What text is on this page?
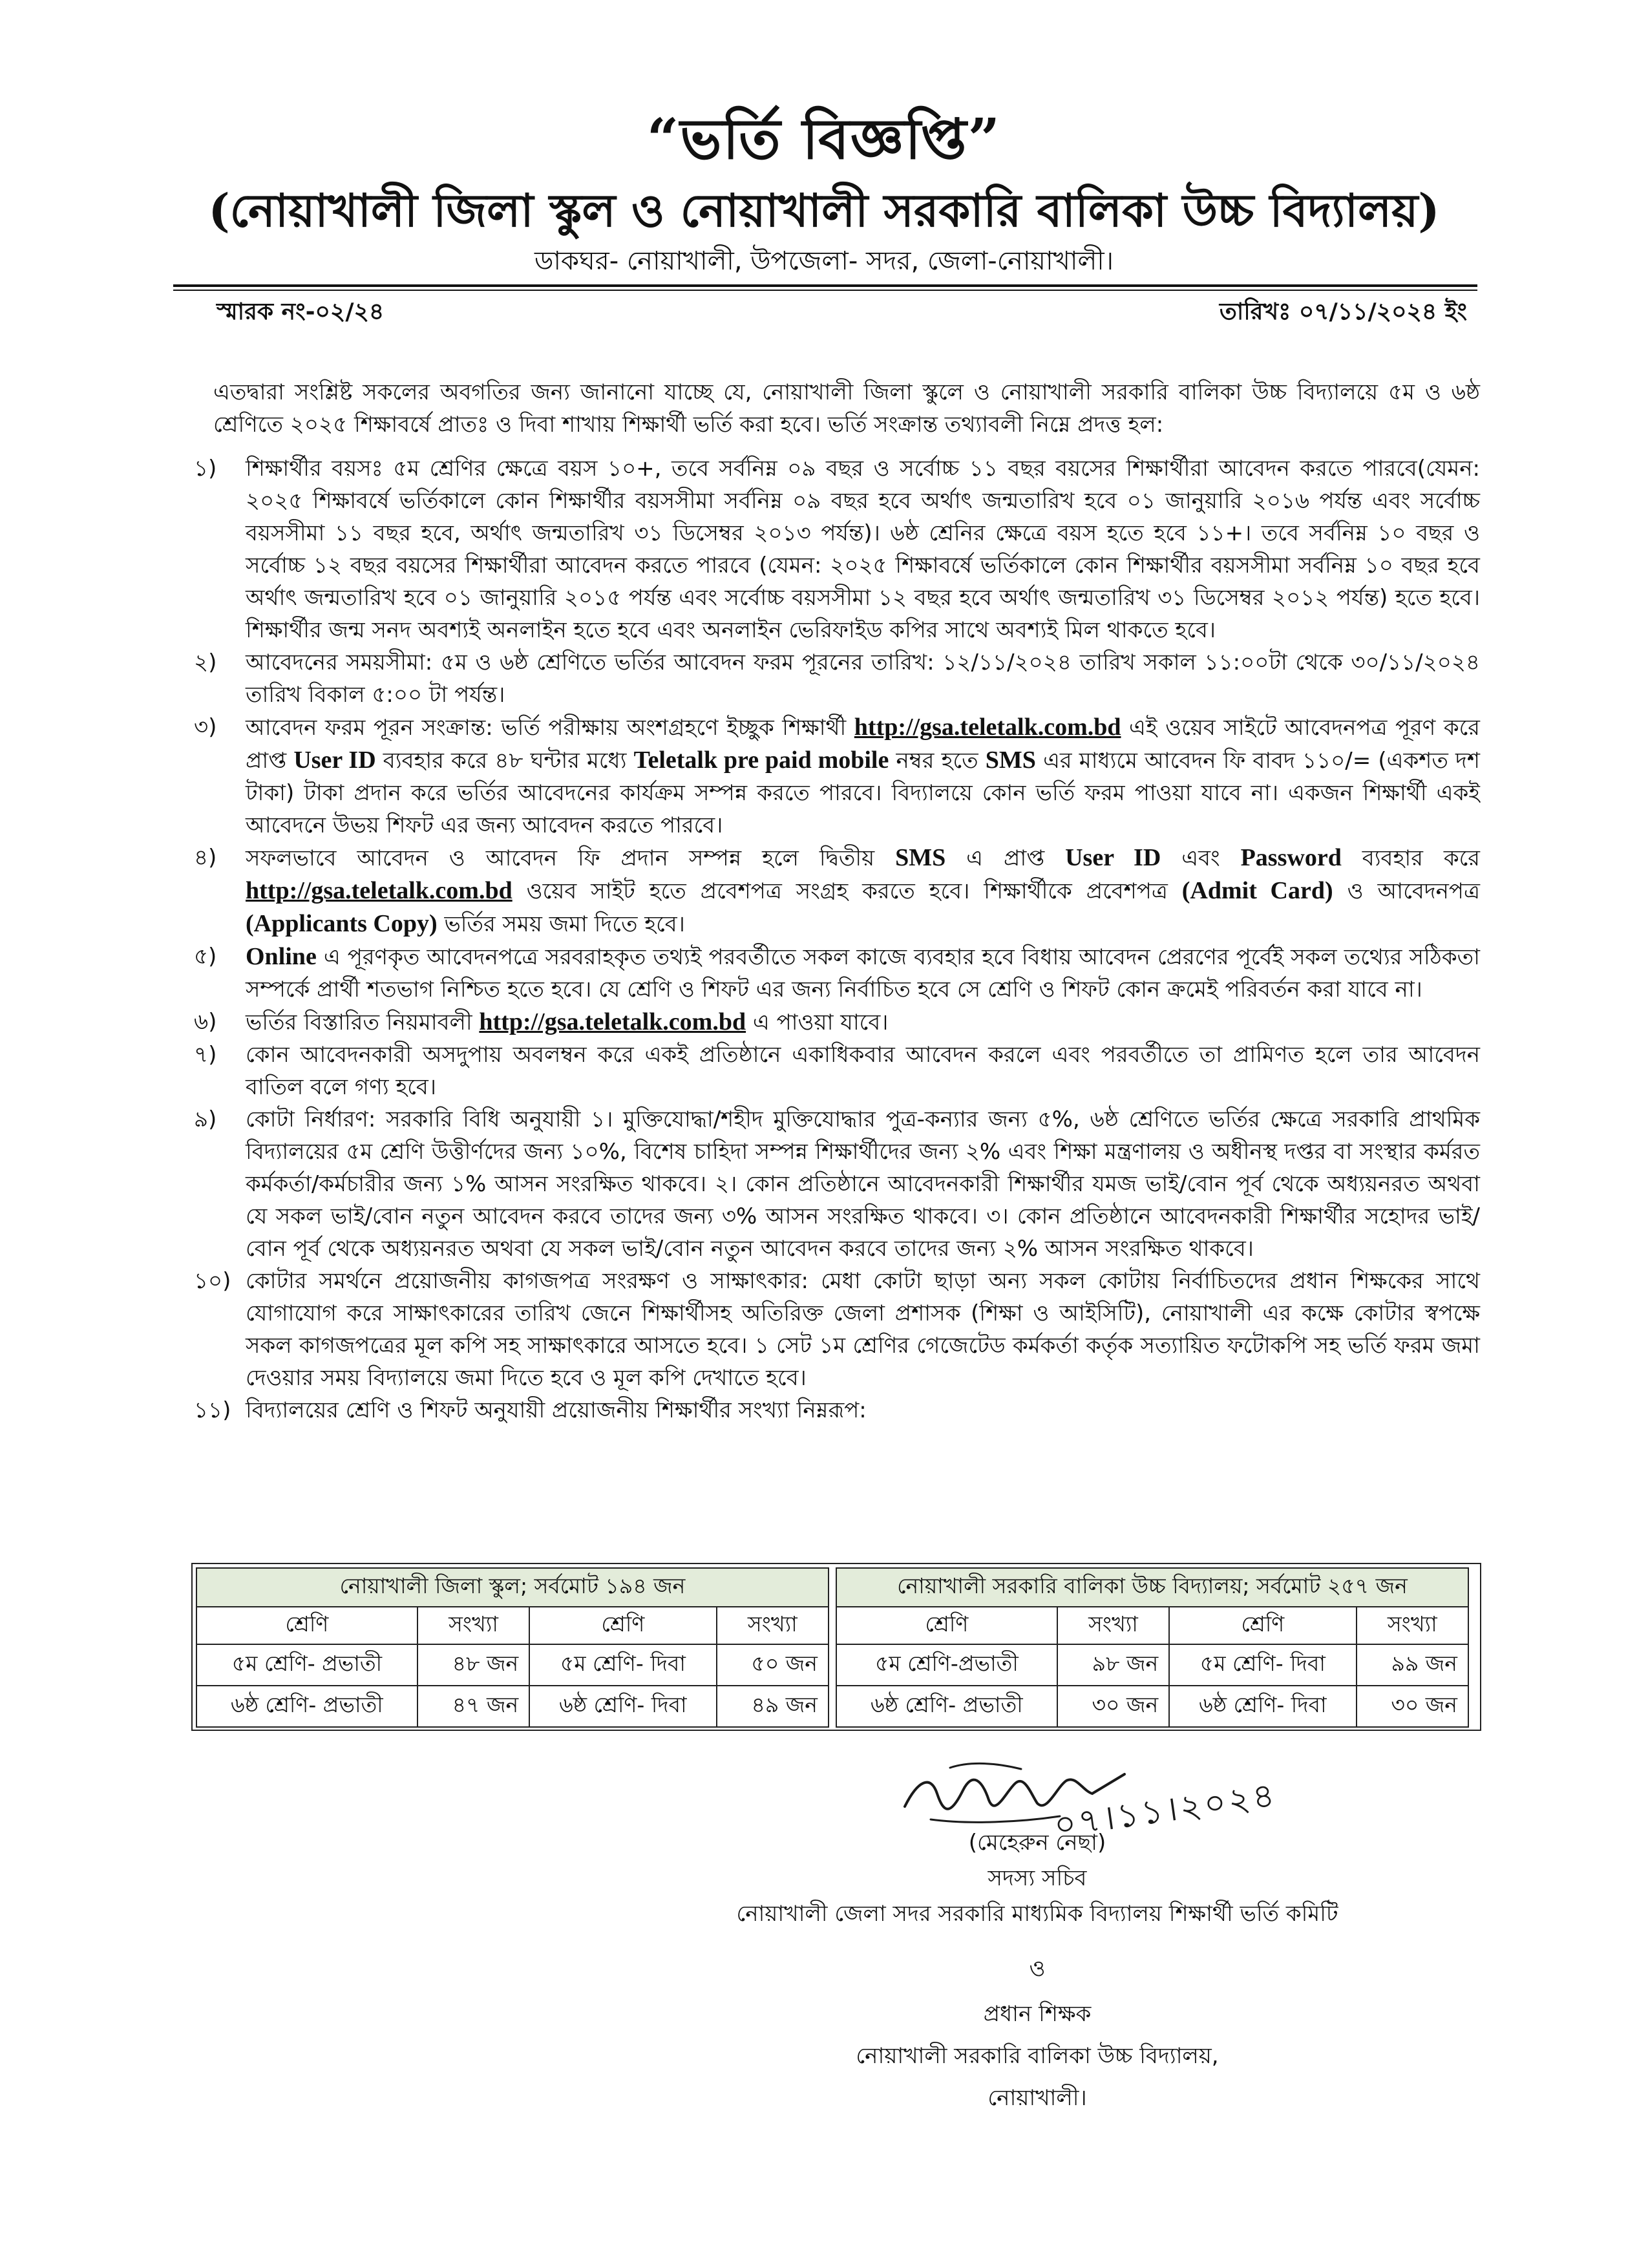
“ভর্তি বিজ্ঞপ্তি”
(নোয়াখালী জিলা স্কুল ও নোয়াখালী সরকারি বালিকা উচ্চ বিদ্যালয়)
ডাকঘর- নোয়াখালী, উপজেলা- সদর, জেলা-নোয়াখালী।
স্মারক নং-০২/২৪	তারিখঃ ০৭/১১/২০২৪ ইং

এতদ্বারা সংশ্লিষ্ট সকলের অবগতির জন্য জানানো যাচ্ছে যে, নোয়াখালী জিলা স্কুলে ও নোয়াখালী সরকারি বালিকা উচ্চ বিদ্যালয়ে ৫ম ও ৬ষ্ঠ শ্রেণিতে ২০২৫ শিক্ষাবর্ষে প্রাতঃ ও দিবা শাখায় শিক্ষার্থী ভর্তি করা হবে। ভর্তি সংক্রান্ত তথ্যাবলী নিম্নে প্রদত্ত হল:

১)	শিক্ষার্থীর বয়সঃ ৫ম শ্রেণির ক্ষেত্রে বয়স ১০+, তবে সর্বনিম্ন ০৯ বছর ও সর্বোচ্চ ১১ বছর বয়সের শিক্ষার্থীরা আবেদন করতে পারবে(যেমন: ২০২৫ শিক্ষাবর্ষে ভর্তিকালে কোন শিক্ষার্থীর বয়সসীমা সর্বনিম্ন ০৯ বছর হবে অর্থাৎ জন্মতারিখ হবে ০১ জানুয়ারি ২০১৬ পর্যন্ত এবং সর্বোচ্চ বয়সসীমা ১১ বছর হবে, অর্থাৎ জন্মতারিখ ৩১ ডিসেম্বর ২০১৩ পর্যন্ত)। ৬ষ্ঠ শ্রেনির ক্ষেত্রে বয়স হতে হবে ১১+। তবে সর্বনিম্ন ১০ বছর ও সর্বোচ্চ ১২ বছর বয়সের শিক্ষার্থীরা আবেদন করতে পারবে (যেমন: ২০২৫ শিক্ষাবর্ষে ভর্তিকালে কোন শিক্ষার্থীর বয়সসীমা সর্বনিম্ন ১০ বছর হবে অর্থাৎ জন্মতারিখ হবে ০১ জানুয়ারি ২০১৫ পর্যন্ত এবং সর্বোচ্চ বয়সসীমা ১২ বছর হবে অর্থাৎ জন্মতারিখ ৩১ ডিসেম্বর ২০১২ পর্যন্ত) হতে হবে। শিক্ষার্থীর জন্ম সনদ অবশ্যই অনলাইন হতে হবে এবং অনলাইন ভেরিফাইড কপির সাথে অবশ্যই মিল থাকতে হবে।
২)	আবেদনের সময়সীমা: ৫ম ও ৬ষ্ঠ শ্রেণিতে ভর্তির আবেদন ফরম পূরনের তারিখ: ১২/১১/২০২৪ তারিখ সকাল ১১:০০টা থেকে ৩০/১১/২০২৪ তারিখ বিকাল ৫:০০ টা পর্যন্ত।
৩)	আবেদন ফরম পূরন সংক্রান্ত: ভর্তি পরীক্ষায় অংশগ্রহণে ইচ্ছুক শিক্ষার্থী http://gsa.teletalk.com.bd এই ওয়েব সাইটে আবেদনপত্র পূরণ করে প্রাপ্ত User ID ব্যবহার করে ৪৮ ঘন্টার মধ্যে Teletalk pre paid mobile নম্বর হতে SMS এর মাধ্যমে আবেদন ফি বাবদ ১১০/= (একশত দশ টাকা) টাকা প্রদান করে ভর্তির আবেদনের কার্যক্রম সম্পন্ন করতে পারবে। বিদ্যালয়ে কোন ভর্তি ফরম পাওয়া যাবে না। একজন শিক্ষার্থী একই আবেদনে উভয় শিফট এর জন্য আবেদন করতে পারবে।
৪)	সফলভাবে আবেদন ও আবেদন ফি প্রদান সম্পন্ন হলে দ্বিতীয় SMS এ প্রাপ্ত User ID এবং Password ব্যবহার করে http://gsa.teletalk.com.bd ওয়েব সাইট হতে প্রবেশপত্র সংগ্রহ করতে হবে। শিক্ষার্থীকে প্রবেশপত্র (Admit Card) ও আবেদনপত্র (Applicants Copy) ভর্তির সময় জমা দিতে হবে।
৫)	Online এ পূরণকৃত আবেদনপত্রে সরবরাহকৃত তথ্যই পরবর্তীতে সকল কাজে ব্যবহার হবে বিধায় আবেদন প্রেরণের পূর্বেই সকল তথ্যের সঠিকতা সম্পর্কে প্রার্থী শতভাগ নিশ্চিত হতে হবে। যে শ্রেণি ও শিফট এর জন্য নির্বাচিত হবে সে শ্রেণি ও শিফট কোন ক্রমেই পরিবর্তন করা যাবে না।
৬)	ভর্তির বিস্তারিত নিয়মাবলী http://gsa.teletalk.com.bd এ পাওয়া যাবে।
৭)	কোন আবেদনকারী অসদুপায় অবলম্বন করে একই প্রতিষ্ঠানে একাধিকবার আবেদন করলে এবং পরবর্তীতে তা প্রামিণত হলে তার আবেদন বাতিল বলে গণ্য হবে।
৯)	কোটা নির্ধারণ: সরকারি বিধি অনুযায়ী ১। মুক্তিযোদ্ধা/শহীদ মুক্তিযোদ্ধার পুত্র-কন্যার জন্য ৫%, ৬ষ্ঠ শ্রেণিতে ভর্তির ক্ষেত্রে সরকারি প্রাথমিক বিদ্যালয়ের ৫ম শ্রেণি উত্তীর্ণদের জন্য ১০%, বিশেষ চাহিদা সম্পন্ন শিক্ষার্থীদের জন্য ২% এবং শিক্ষা মন্ত্রণালয় ও অধীনস্থ দপ্তর বা সংস্থার কর্মরত কর্মকর্তা/কর্মচারীর জন্য ১% আসন সংরক্ষিত থাকবে। ২। কোন প্রতিষ্ঠানে আবেদনকারী শিক্ষার্থীর যমজ ভাই/বোন পূর্ব থেকে অধ্যয়নরত অথবা যে সকল ভাই/বোন নতুন আবেদন করবে তাদের জন্য ৩% আসন সংরক্ষিত থাকবে। ৩। কোন প্রতিষ্ঠানে আবেদনকারী শিক্ষার্থীর সহোদর ভাই/বোন পূর্ব থেকে অধ্যয়নরত অথবা যে সকল ভাই/বোন নতুন আবেদন করবে তাদের জন্য ২% আসন সংরক্ষিত থাকবে।
১০) কোটার সমর্থনে প্রয়োজনীয় কাগজপত্র সংরক্ষণ ও সাক্ষাৎকার: মেধা কোটা ছাড়া অন্য সকল কোটায় নির্বাচিতদের প্রধান শিক্ষকের সাথে যোগাযোগ করে সাক্ষাৎকারের তারিখ জেনে শিক্ষার্থীসহ অতিরিক্ত জেলা প্রশাসক (শিক্ষা ও আইসিটি), নোয়াখালী এর কক্ষে কোটার স্বপক্ষে সকল কাগজপত্রের মূল কপি সহ সাক্ষাৎকারে আসতে হবে। ১ সেট ১ম শ্রেণির গেজেটেড কর্মকর্তা কর্তৃক সত্যায়িত ফটোকপি সহ ভর্তি ফরম জমা দেওয়ার সময় বিদ্যালয়ে জমা দিতে হবে ও মূল কপি দেখাতে হবে।
১১) বিদ্যালয়ের শ্রেণি ও শিফট অনুযায়ী প্রয়োজনীয় শিক্ষার্থীর সংখ্যা নিম্নরূপ:
নোয়াখালী জিলা স্কুল; সর্বমোট ১৯৪ জন			
শ্রেণি	সংখ্যা	শ্রেণি	সংখ্যা
৫ম শ্রেণি- প্রভাতী	৪৮ জন	৫ম শ্রেণি- দিবা	৫০ জন
৬ষ্ঠ শ্রেণি- প্রভাতী	৪৭ জন	৬ষ্ঠ শ্রেণি- দিবা	৪৯ জন
নোয়াখালী সরকারি বালিকা উচ্চ বিদ্যালয়; সর্বমোট ২৫৭ জন			
শ্রেণি	সংখ্যা	শ্রেণি	সংখ্যা
৫ম শ্রেণি-প্রভাতী	৯৮ জন	৫ম শ্রেণি- দিবা	৯৯ জন
৬ষ্ঠ শ্রেণি- প্রভাতী	৩০ জন	৬ষ্ঠ শ্রেণি- দিবা	৩০ জন
০৭।১১।২০২৪
(মেহেরুন নেছা)
সদস্য সচিব
নোয়াখালী জেলা সদর সরকারি মাধ্যমিক বিদ্যালয় শিক্ষার্থী ভর্তি কমিটি
ও
প্রধান শিক্ষক
নোয়াখালী সরকারি বালিকা উচ্চ বিদ্যালয়,
নোয়াখালী।
